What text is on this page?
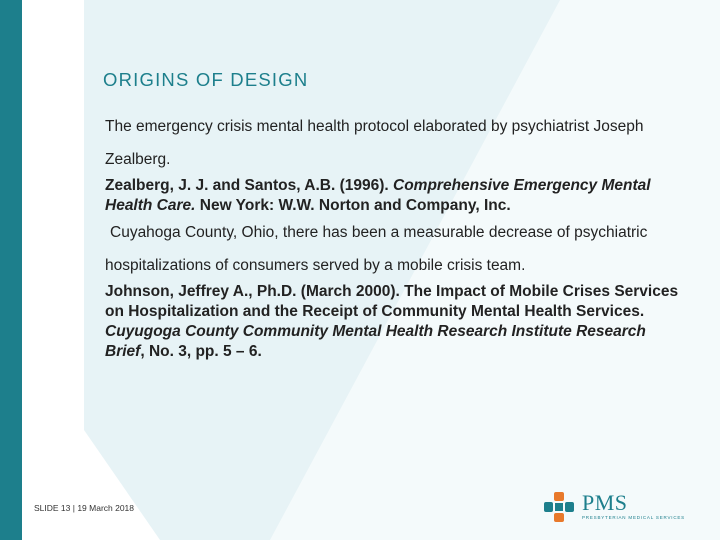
ORIGINS OF DESIGN

The emergency crisis mental health protocol elaborated by psychiatrist Joseph Zealberg.

Zealberg, J. J. and Santos, A.B. (1996). Comprehensive Emergency Mental Health Care. New York: W.W. Norton and Company, Inc.

Cuyahoga County, Ohio, there has been a measurable decrease of psychiatric hospitalizations of consumers served by a mobile crisis team.

Johnson, Jeffrey A., Ph.D. (March 2000). The Impact of Mobile Crises Services on Hospitalization and the Receipt of Community Mental Health Services. Cuyugoga County Community Mental Health Research Institute Research Brief, No. 3, pp. 5 – 6.

SLIDE 13 | 19 March 2018	PMS
PRESBYTERIAN MEDICAL SERVICES
